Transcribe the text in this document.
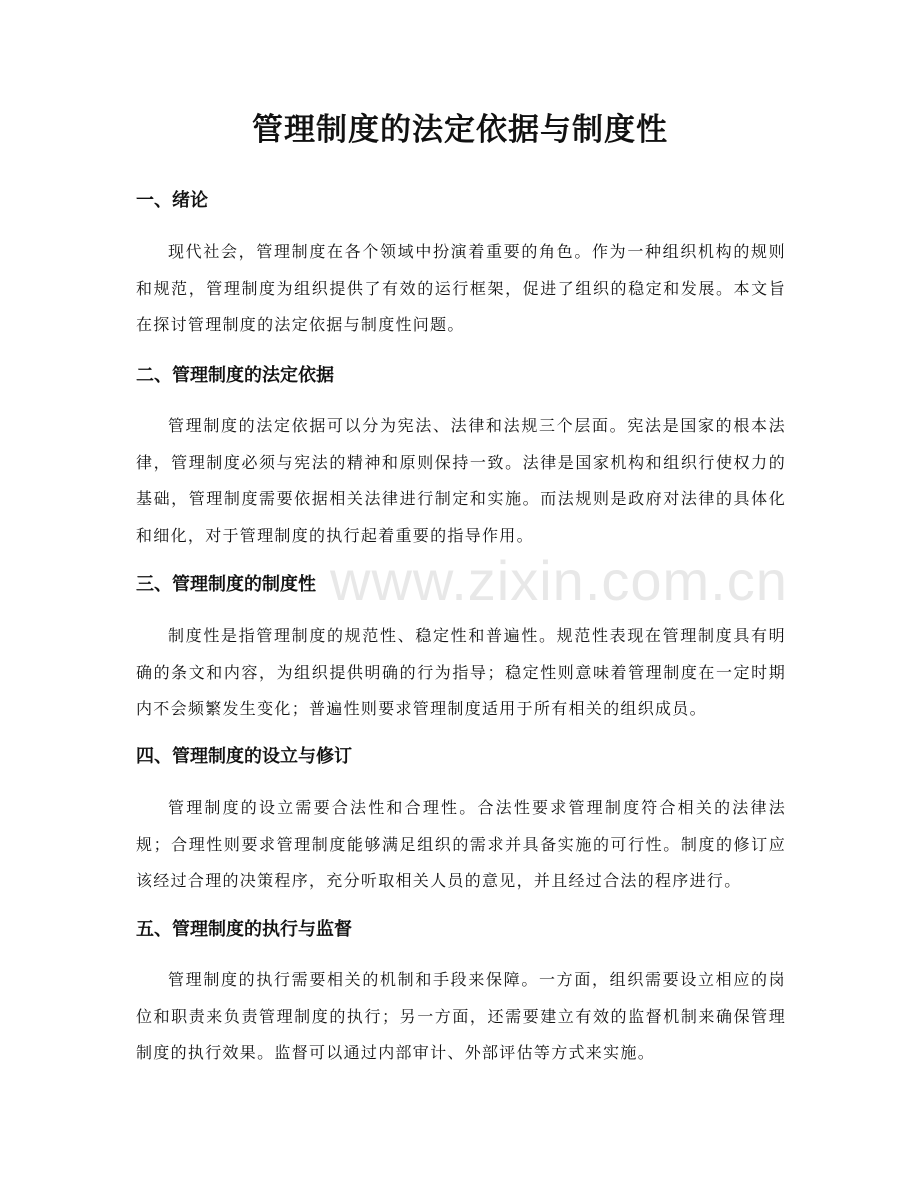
管理制度的法定依据与制度性
一、绪论
现代社会，管理制度在各个领域中扮演着重要的角色。作为一种组织机构的规则和规范，管理制度为组织提供了有效的运行框架，促进了组织的稳定和发展。本文旨在探讨管理制度的法定依据与制度性问题。
二、管理制度的法定依据
管理制度的法定依据可以分为宪法、法律和法规三个层面。宪法是国家的根本法律，管理制度必须与宪法的精神和原则保持一致。法律是国家机构和组织行使权力的基础，管理制度需要依据相关法律进行制定和实施。而法规则是政府对法律的具体化和细化，对于管理制度的执行起着重要的指导作用。
三、管理制度的制度性
制度性是指管理制度的规范性、稳定性和普遍性。规范性表现在管理制度具有明确的条文和内容，为组织提供明确的行为指导；稳定性则意味着管理制度在一定时期内不会频繁发生变化；普遍性则要求管理制度适用于所有相关的组织成员。
四、管理制度的设立与修订
管理制度的设立需要合法性和合理性。合法性要求管理制度符合相关的法律法规；合理性则要求管理制度能够满足组织的需求并具备实施的可行性。制度的修订应该经过合理的决策程序，充分听取相关人员的意见，并且经过合法的程序进行。
五、管理制度的执行与监督
管理制度的执行需要相关的机制和手段来保障。一方面，组织需要设立相应的岗位和职责来负责管理制度的执行；另一方面，还需要建立有效的监督机制来确保管理制度的执行效果。监督可以通过内部审计、外部评估等方式来实施。
www.zixin.com.cn
